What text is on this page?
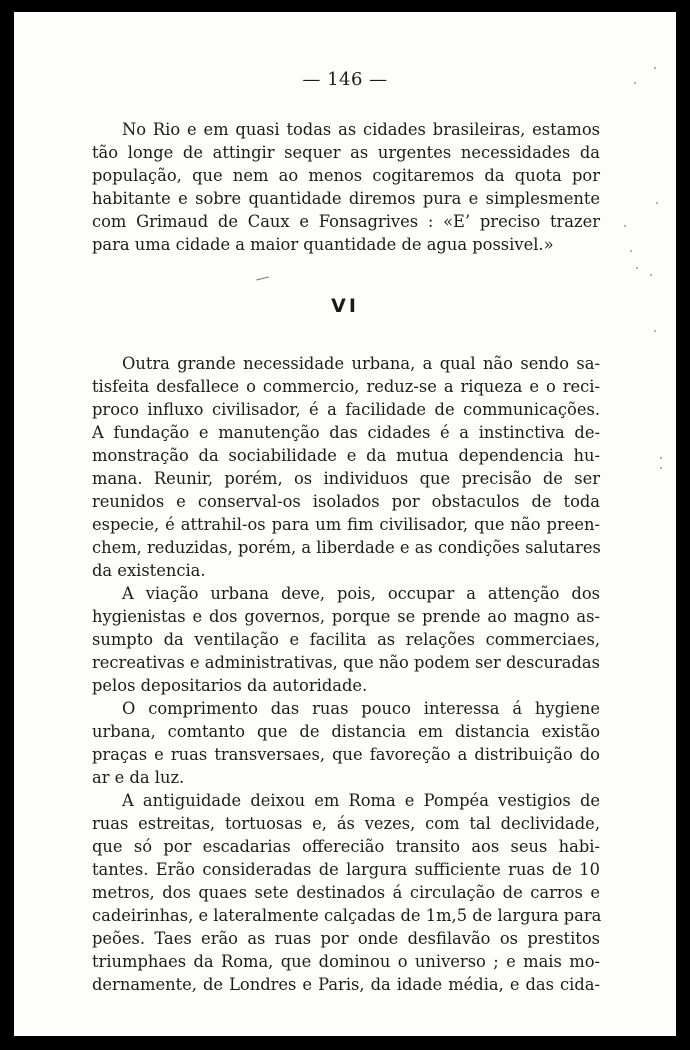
— 146 —
No Rio e em quasi todas as cidades brasileiras, estamos
tão longe de attingir sequer as urgentes necessidades da
população, que nem ao menos cogitaremos da quota por
habitante e sobre quantidade diremos pura e simplesmente
com Grimaud de Caux e Fonsagrives : «E’ preciso trazer
para uma cidade a maior quantidade de agua possivel.»
VI
Outra grande necessidade urbana, a qual não sendo sa-
tisfeita desfallece o commercio, reduz-se a riqueza e o reci-
proco influxo civilisador, é a facilidade de communicações.
A fundação e manutenção das cidades é a instinctiva de-
monstração da sociabilidade e da mutua dependencia hu-
mana. Reunir, porém, os individuos que precisão de ser
reunidos e conserval-os isolados por obstaculos de toda
especie, é attrahil-os para um fim civilisador, que não preen-
chem, reduzidas, porém, a liberdade e as condições salutares
da existencia.
A viação urbana deve, pois, occupar a attenção dos
hygienistas e dos governos, porque se prende ao magno as-
sumpto da ventilação e facilita as relações commerciaes,
recreativas e administrativas, que não podem ser descuradas
pelos depositarios da autoridade.
O comprimento das ruas pouco interessa á hygiene
urbana, comtanto que de distancia em distancia existão
praças e ruas transversaes, que favoreção a distribuição do
ar e da luz.
A antiguidade deixou em Roma e Pompéa vestigios de
ruas estreitas, tortuosas e, ás vezes, com tal declividade,
que só por escadarias offerecião transito aos seus habi-
tantes. Erão consideradas de largura sufficiente ruas de 10
metros, dos quaes sete destinados á circulação de carros e
cadeirinhas, e lateralmente calçadas de 1m,5 de largura para
peões. Taes erão as ruas por onde desfilavão os prestitos
triumphaes da Roma, que dominou o universo ; e mais mo-
dernamente, de Londres e Paris, da idade média, e das cida-
